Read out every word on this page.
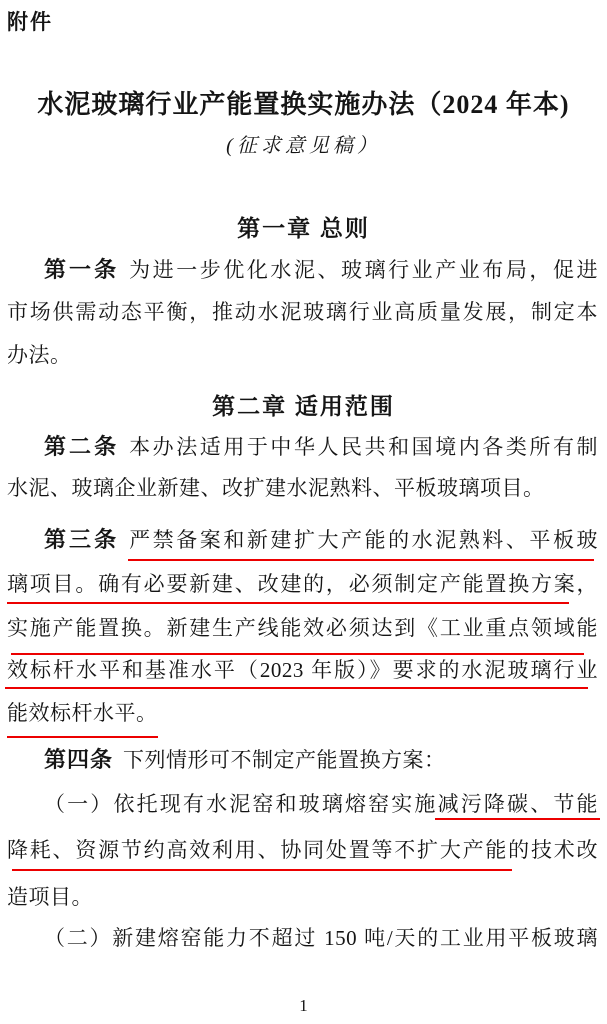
附件
水泥玻璃行业产能置换实施办法（2024 年本)
(征求意见稿）
第一章 总则
第一条 为进一步优化水泥、玻璃行业产业布局，促进
市场供需动态平衡，推动水泥玻璃行业高质量发展，制定本
办法。
第二章 适用范围
第二条 本办法适用于中华人民共和国境内各类所有制
水泥、玻璃企业新建、改扩建水泥熟料、平板玻璃项目。
第三条 严禁备案和新建扩大产能的水泥熟料、平板玻
璃项目。确有必要新建、改建的，必须制定产能置换方案，
实施产能置换。新建生产线能效必须达到《工业重点领域能
效标杆水平和基准水平（2023 年版）》要求的水泥玻璃行业
能效标杆水平。
第四条 下列情形可不制定产能置换方案：
（一）依托现有水泥窑和玻璃熔窑实施减污降碳、节能
降耗、资源节约高效利用、协同处置等不扩大产能的技术改
造项目。
（二）新建熔窑能力不超过 150 吨/天的工业用平板玻璃
1
